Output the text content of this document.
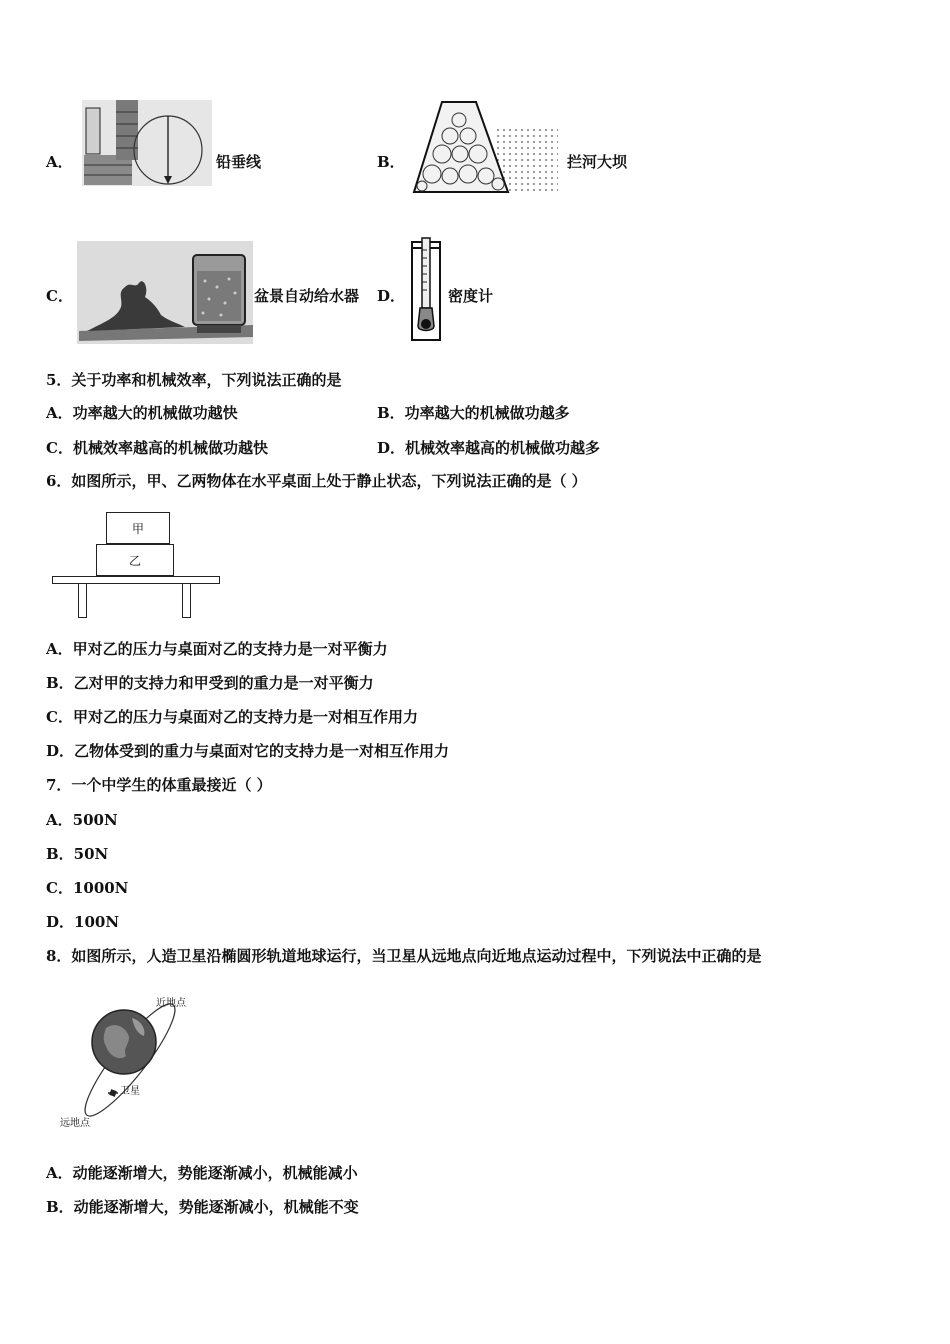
A．	铅垂线	B．	拦河大坝
C．	盆景自动给水器 D．	密度计
5．关于功率和机械效率，下列说法正确的是
A．功率越大的机械做功越快	B．功率越大的机械做功越多
C．机械效率越高的机械做功越快	D．机械效率越高的机械做功越多
6．如图所示，甲、乙两物体在水平桌面上处于静止状态，下列说法正确的是（ ）
甲
乙
A．甲对乙的压力与桌面对乙的支持力是一对平衡力
B．乙对甲的支持力和甲受到的重力是一对平衡力
C．甲对乙的压力与桌面对乙的支持力是一对相互作用力
D．乙物体受到的重力与桌面对它的支持力是一对相互作用力
7．一个中学生的体重最接近（ ）
A．500N
B．50N
C．1000N
D．100N
8．如图所示，人造卫星沿椭圆形轨道地球运行，当卫星从远地点向近地点运动过程中，下列说法中正确的是
近地点
卫星
远地点
A．动能逐渐增大，势能逐渐减小，机械能减小
B．动能逐渐增大，势能逐渐减小，机械能不变
